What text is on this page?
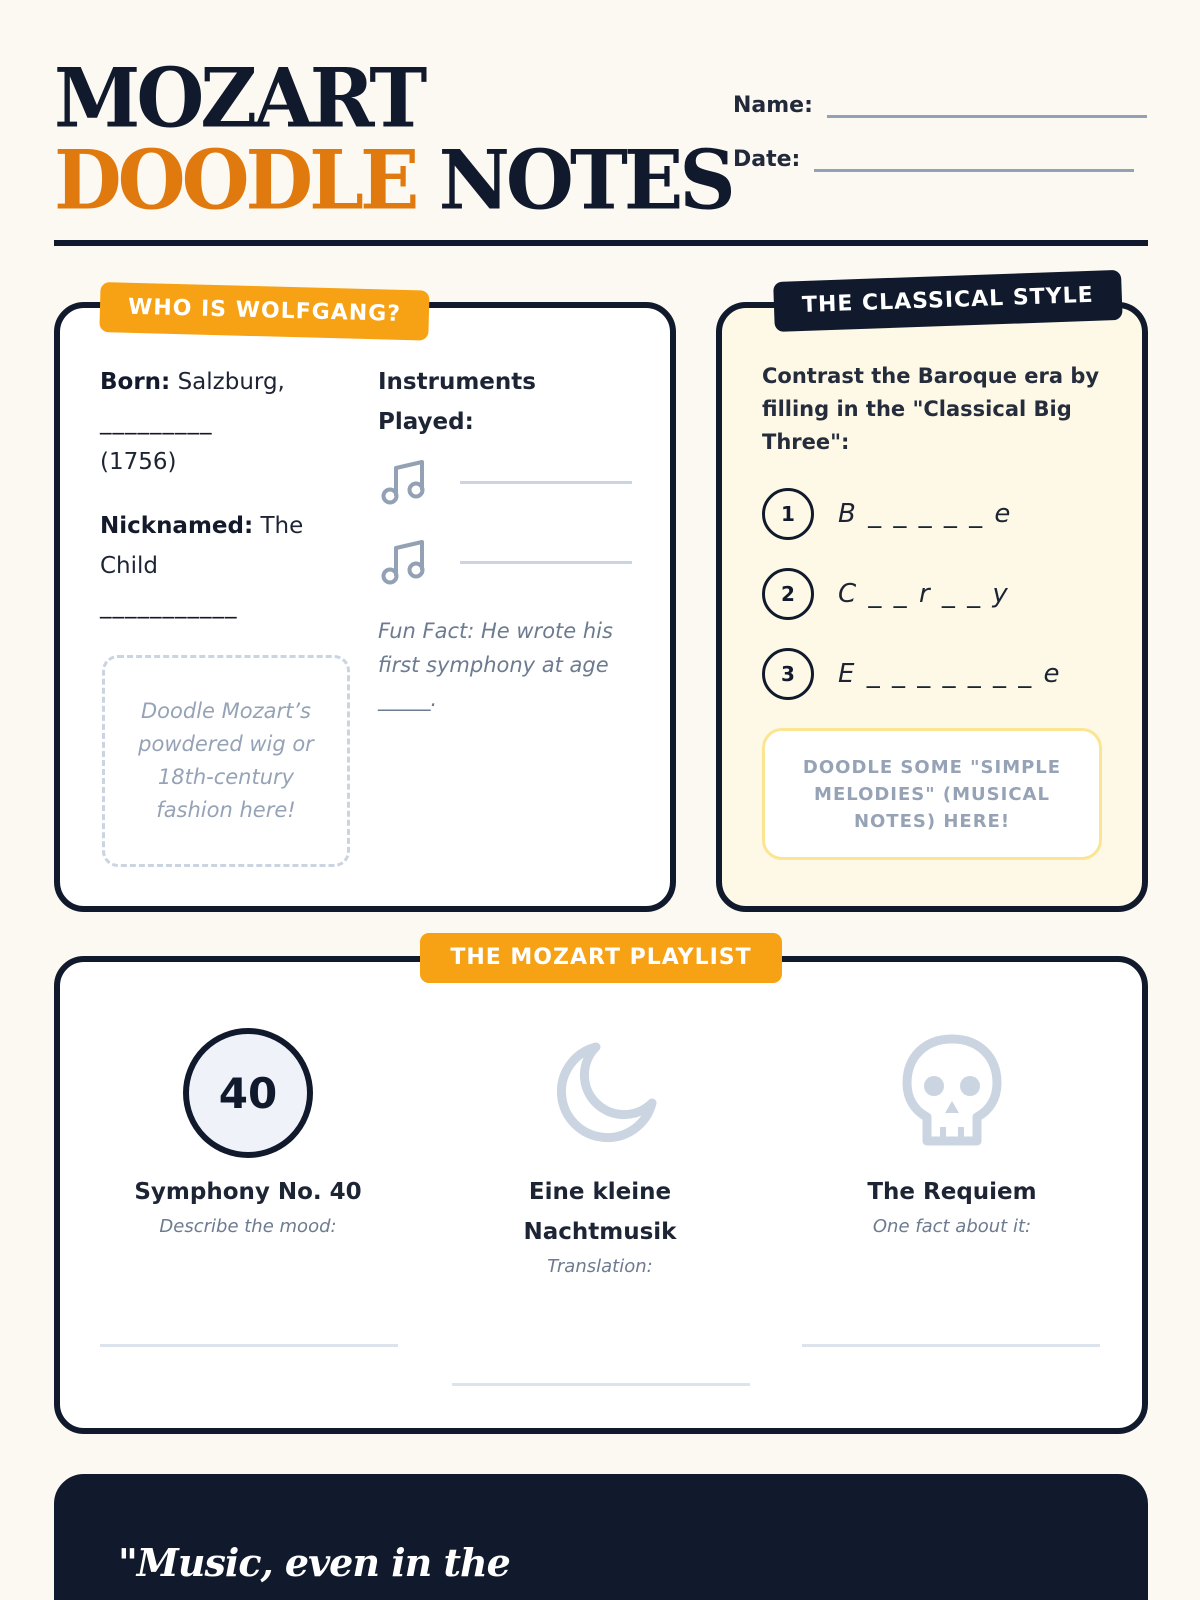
MOZART
DOODLE NOTES
Name:
Date:
WHO IS WOLFGANG?
Born: Salzburg,
_________
(1756)
Nicknamed: The Child
___________
Doodle Mozart’s powdered wig or 18th-century fashion here!
Instruments Played:
Fun Fact: He wrote his first symphony at age _____.
THE CLASSICAL STYLE
Contrast the Baroque era by filling in the "Classical Big Three":
1 B _ _ _ _ _ e
2 C _ _ r _ _ y
3 E _ _ _ _ _ _ _ e
DOODLE SOME "SIMPLE MELODIES" (MUSICAL NOTES) HERE!
THE MOZART PLAYLIST
40
Symphony No. 40
Describe the mood:
Eine kleine Nachtmusik
Translation:
The Requiem
One fact about it:
"Music, even in the
